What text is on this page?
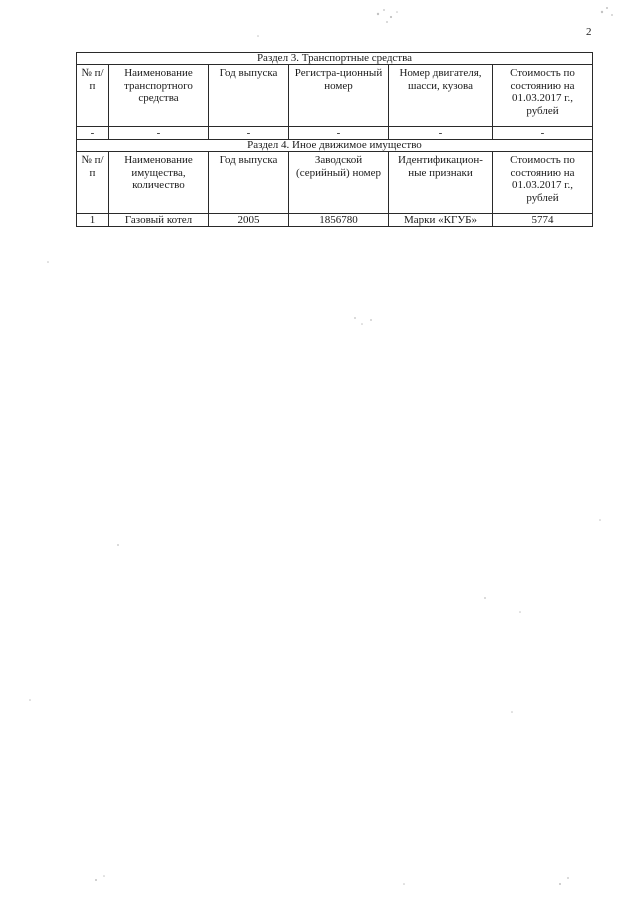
2
Раздел 3. Транспортные средства					
№ п/п	Наименование транспортного средства	Год выпуска	Регистра-ционный номер	Номер двигателя, шасси, кузова	Стоимость по состоянию на 01.03.2017 г., рублей
-	-	-	-	-	-
Раздел 4. Иное движимое имущество					
№ п/п	Наименование имущества, количество	Год выпуска	Заводской (серийный) номер	Идентификацион-ные признаки	Стоимость по состоянию на 01.03.2017 г., рублей
1	Газовый котел	2005	1856780	Марки «КГУБ»	5774
